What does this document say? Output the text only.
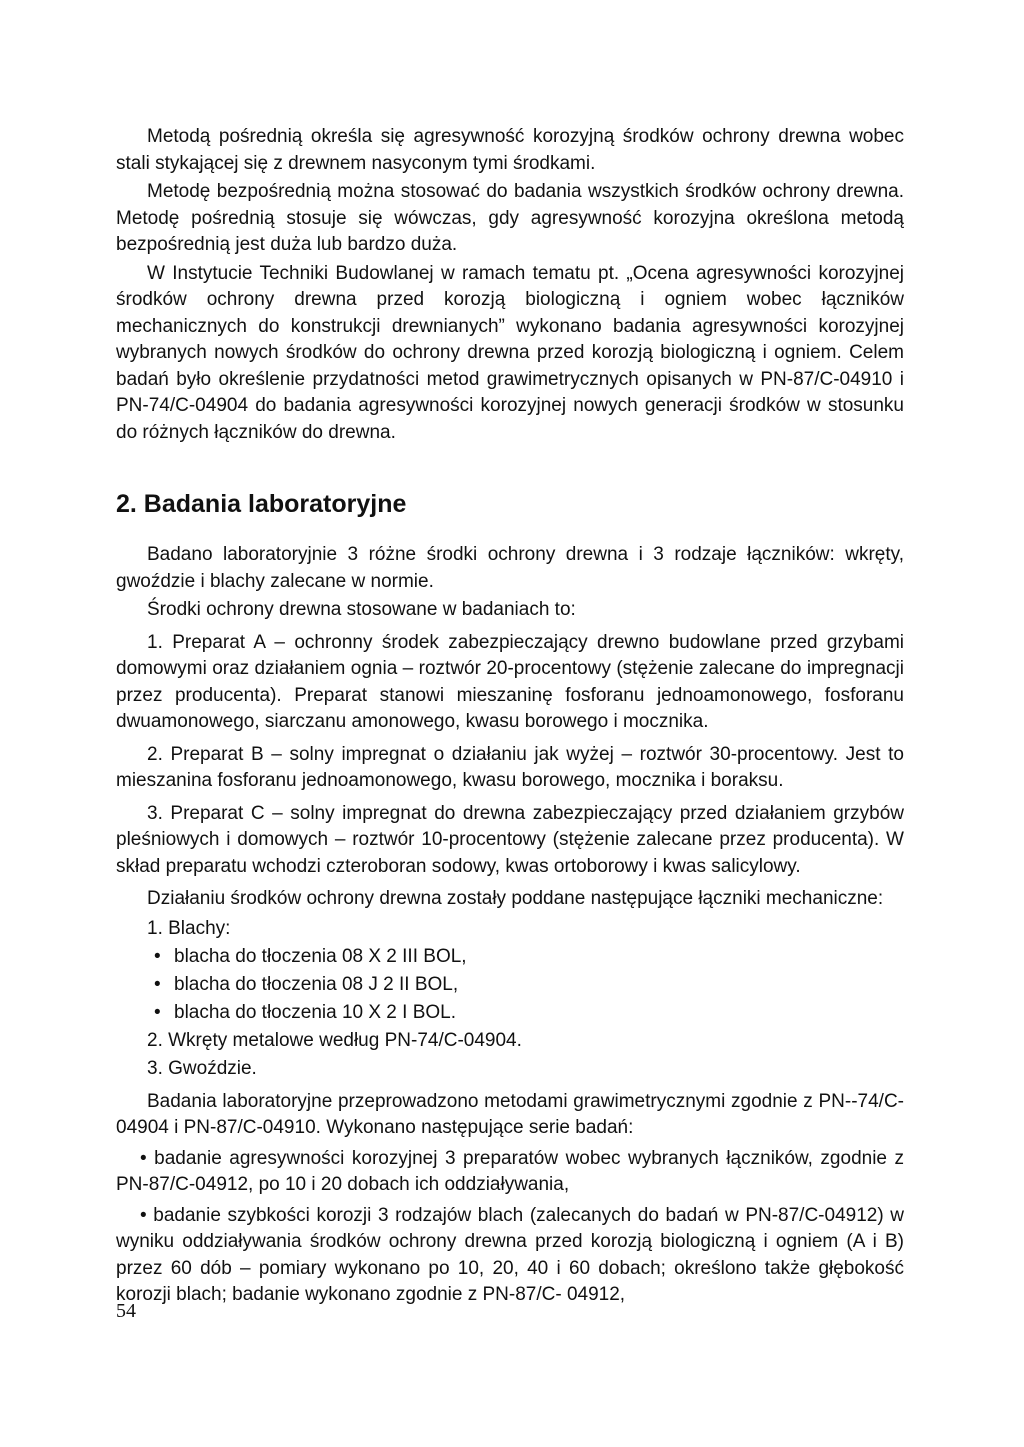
Metodą pośrednią określa się agresywność korozyjną środków ochrony drewna wobec stali stykającej się z drewnem nasyconym tymi środkami.

Metodę bezpośrednią można stosować do badania wszystkich środków ochrony drewna. Metodę pośrednią stosuje się wówczas, gdy agresywność korozyjna określona metodą bezpośrednią jest duża lub bardzo duża.

W Instytucie Techniki Budowlanej w ramach tematu pt. „Ocena agresywności korozyjnej środków ochrony drewna przed korozją biologiczną i ogniem wobec łączników mechanicznych do konstrukcji drewnianych” wykonano badania agresywności korozyjnej wybranych nowych środków do ochrony drewna przed korozją biologiczną i ogniem. Celem badań było określenie przydatności metod grawimetrycznych opisanych w PN-87/C-04910 i PN-74/C-04904 do badania agresywności korozyjnej nowych generacji środków w stosunku do różnych łączników do drewna.

2. Badania laboratoryjne

Badano laboratoryjnie 3 różne środki ochrony drewna i 3 rodzaje łączników: wkręty, gwoździe i blachy zalecane w normie.

Środki ochrony drewna stosowane w badaniach to:

1. Preparat A – ochronny środek zabezpieczający drewno budowlane przed grzybami domowymi oraz działaniem ognia – roztwór 20-procentowy (stężenie zalecane do impregnacji przez producenta). Preparat stanowi mieszaninę fosforanu jednoamonowego, fosforanu dwuamonowego, siarczanu amonowego, kwasu borowego i mocznika.

2. Preparat B – solny impregnat o działaniu jak wyżej – roztwór 30-procentowy. Jest to mieszanina fosforanu jednoamonowego, kwasu borowego, mocznika i boraksu.

3. Preparat C – solny impregnat do drewna zabezpieczający przed działaniem grzybów pleśniowych i domowych – roztwór 10-procentowy (stężenie zalecane przez producenta). W skład preparatu wchodzi czteroboran sodowy, kwas ortoborowy i kwas salicylowy.

Działaniu środków ochrony drewna zostały poddane następujące łączniki mechaniczne:

1. Blachy:

• blacha do tłoczenia 08 X 2 III BOL,

• blacha do tłoczenia 08 J 2 II BOL,

• blacha do tłoczenia 10 X 2 I BOL.

2. Wkręty metalowe według PN-74/C-04904.

3. Gwoździe.

Badania laboratoryjne przeprowadzono metodami grawimetrycznymi zgodnie z PN--74/C-04904 i PN-87/C-04910. Wykonano następujące serie badań:

• badanie agresywności korozyjnej 3 preparatów wobec wybranych łączników, zgodnie z PN-87/C-04912, po 10 i 20 dobach ich oddziaływania,

• badanie szybkości korozji 3 rodzajów blach (zalecanych do badań w PN-87/C-04912) w wyniku oddziaływania środków ochrony drewna przed korozją biologiczną i ogniem (A i B) przez 60 dób – pomiary wykonano po 10, 20, 40 i 60 dobach; określono także głębokość korozji blach; badanie wykonano zgodnie z PN-87/C- 04912,

54
